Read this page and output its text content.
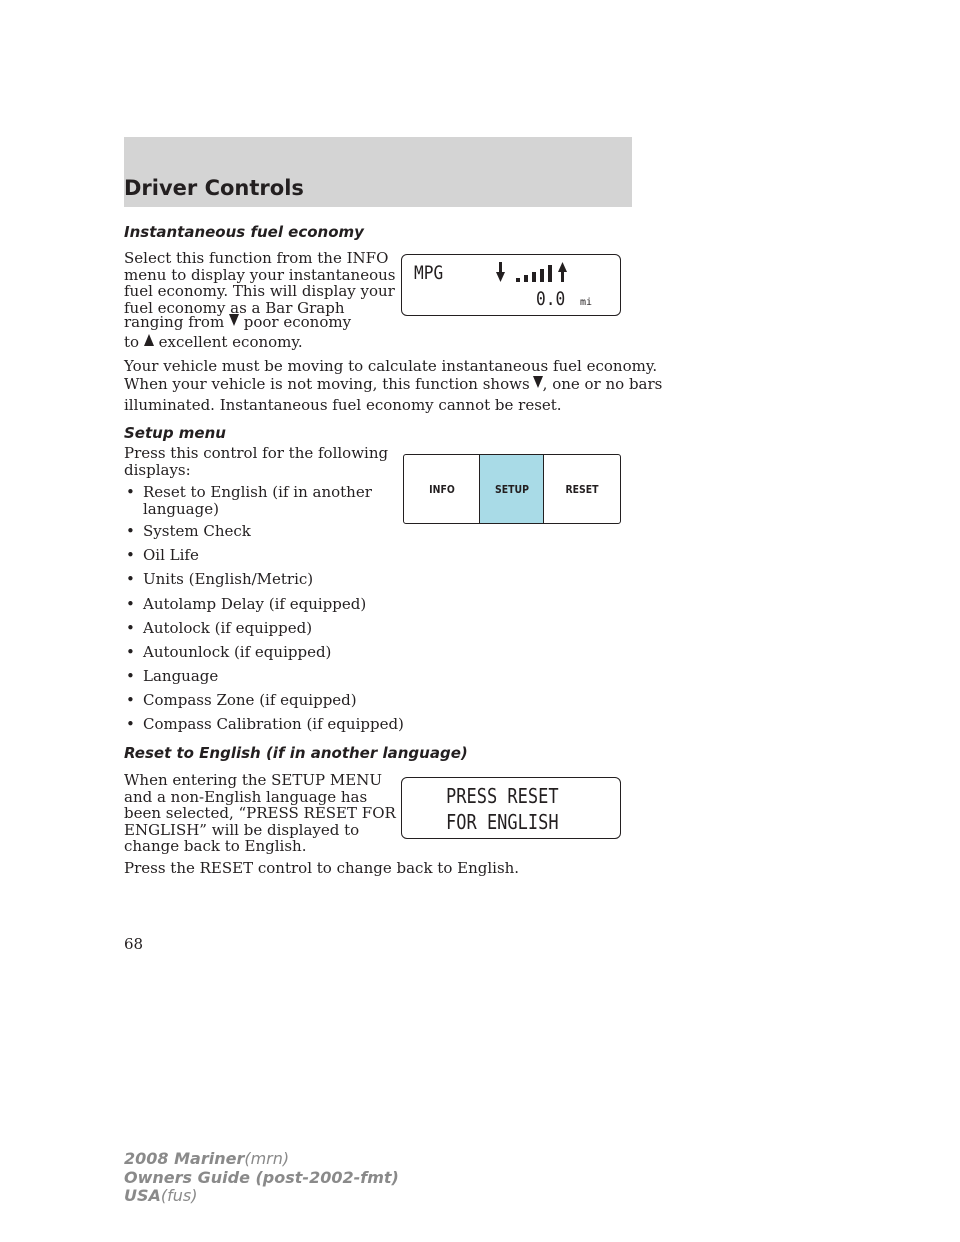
Driver Controls
Instantaneous fuel economy
Select this function from the INFO
menu to display your instantaneous
fuel economy. This will display your
fuel economy as a Bar Graph
ranging from poor economy
to excellent economy.
Your vehicle must be moving to calculate instantaneous fuel economy.
When your vehicle is not moving, this function shows , one or no bars
illuminated. Instantaneous fuel economy cannot be reset.
MPG
0.0 mi
Setup menu
Press this control for the following
displays:
• Reset to English (if in another
language)
• System Check
• Oil Life
• Units (English/Metric)
• Autolamp Delay (if equipped)
• Autolock (if equipped)
• Autounlock (if equipped)
• Language
• Compass Zone (if equipped)
• Compass Calibration (if equipped)
INFO	SETUP	RESET
Reset to English (if in another language)
When entering the SETUP MENU
and a non-English language has
been selected, “PRESS RESET FOR
ENGLISH” will be displayed to
change back to English.
Press the RESET control to change back to English.
PRESS RESET
FOR ENGLISH
68
2008 Mariner(mrn)
Owners Guide (post-2002-fmt)
USA(fus)
